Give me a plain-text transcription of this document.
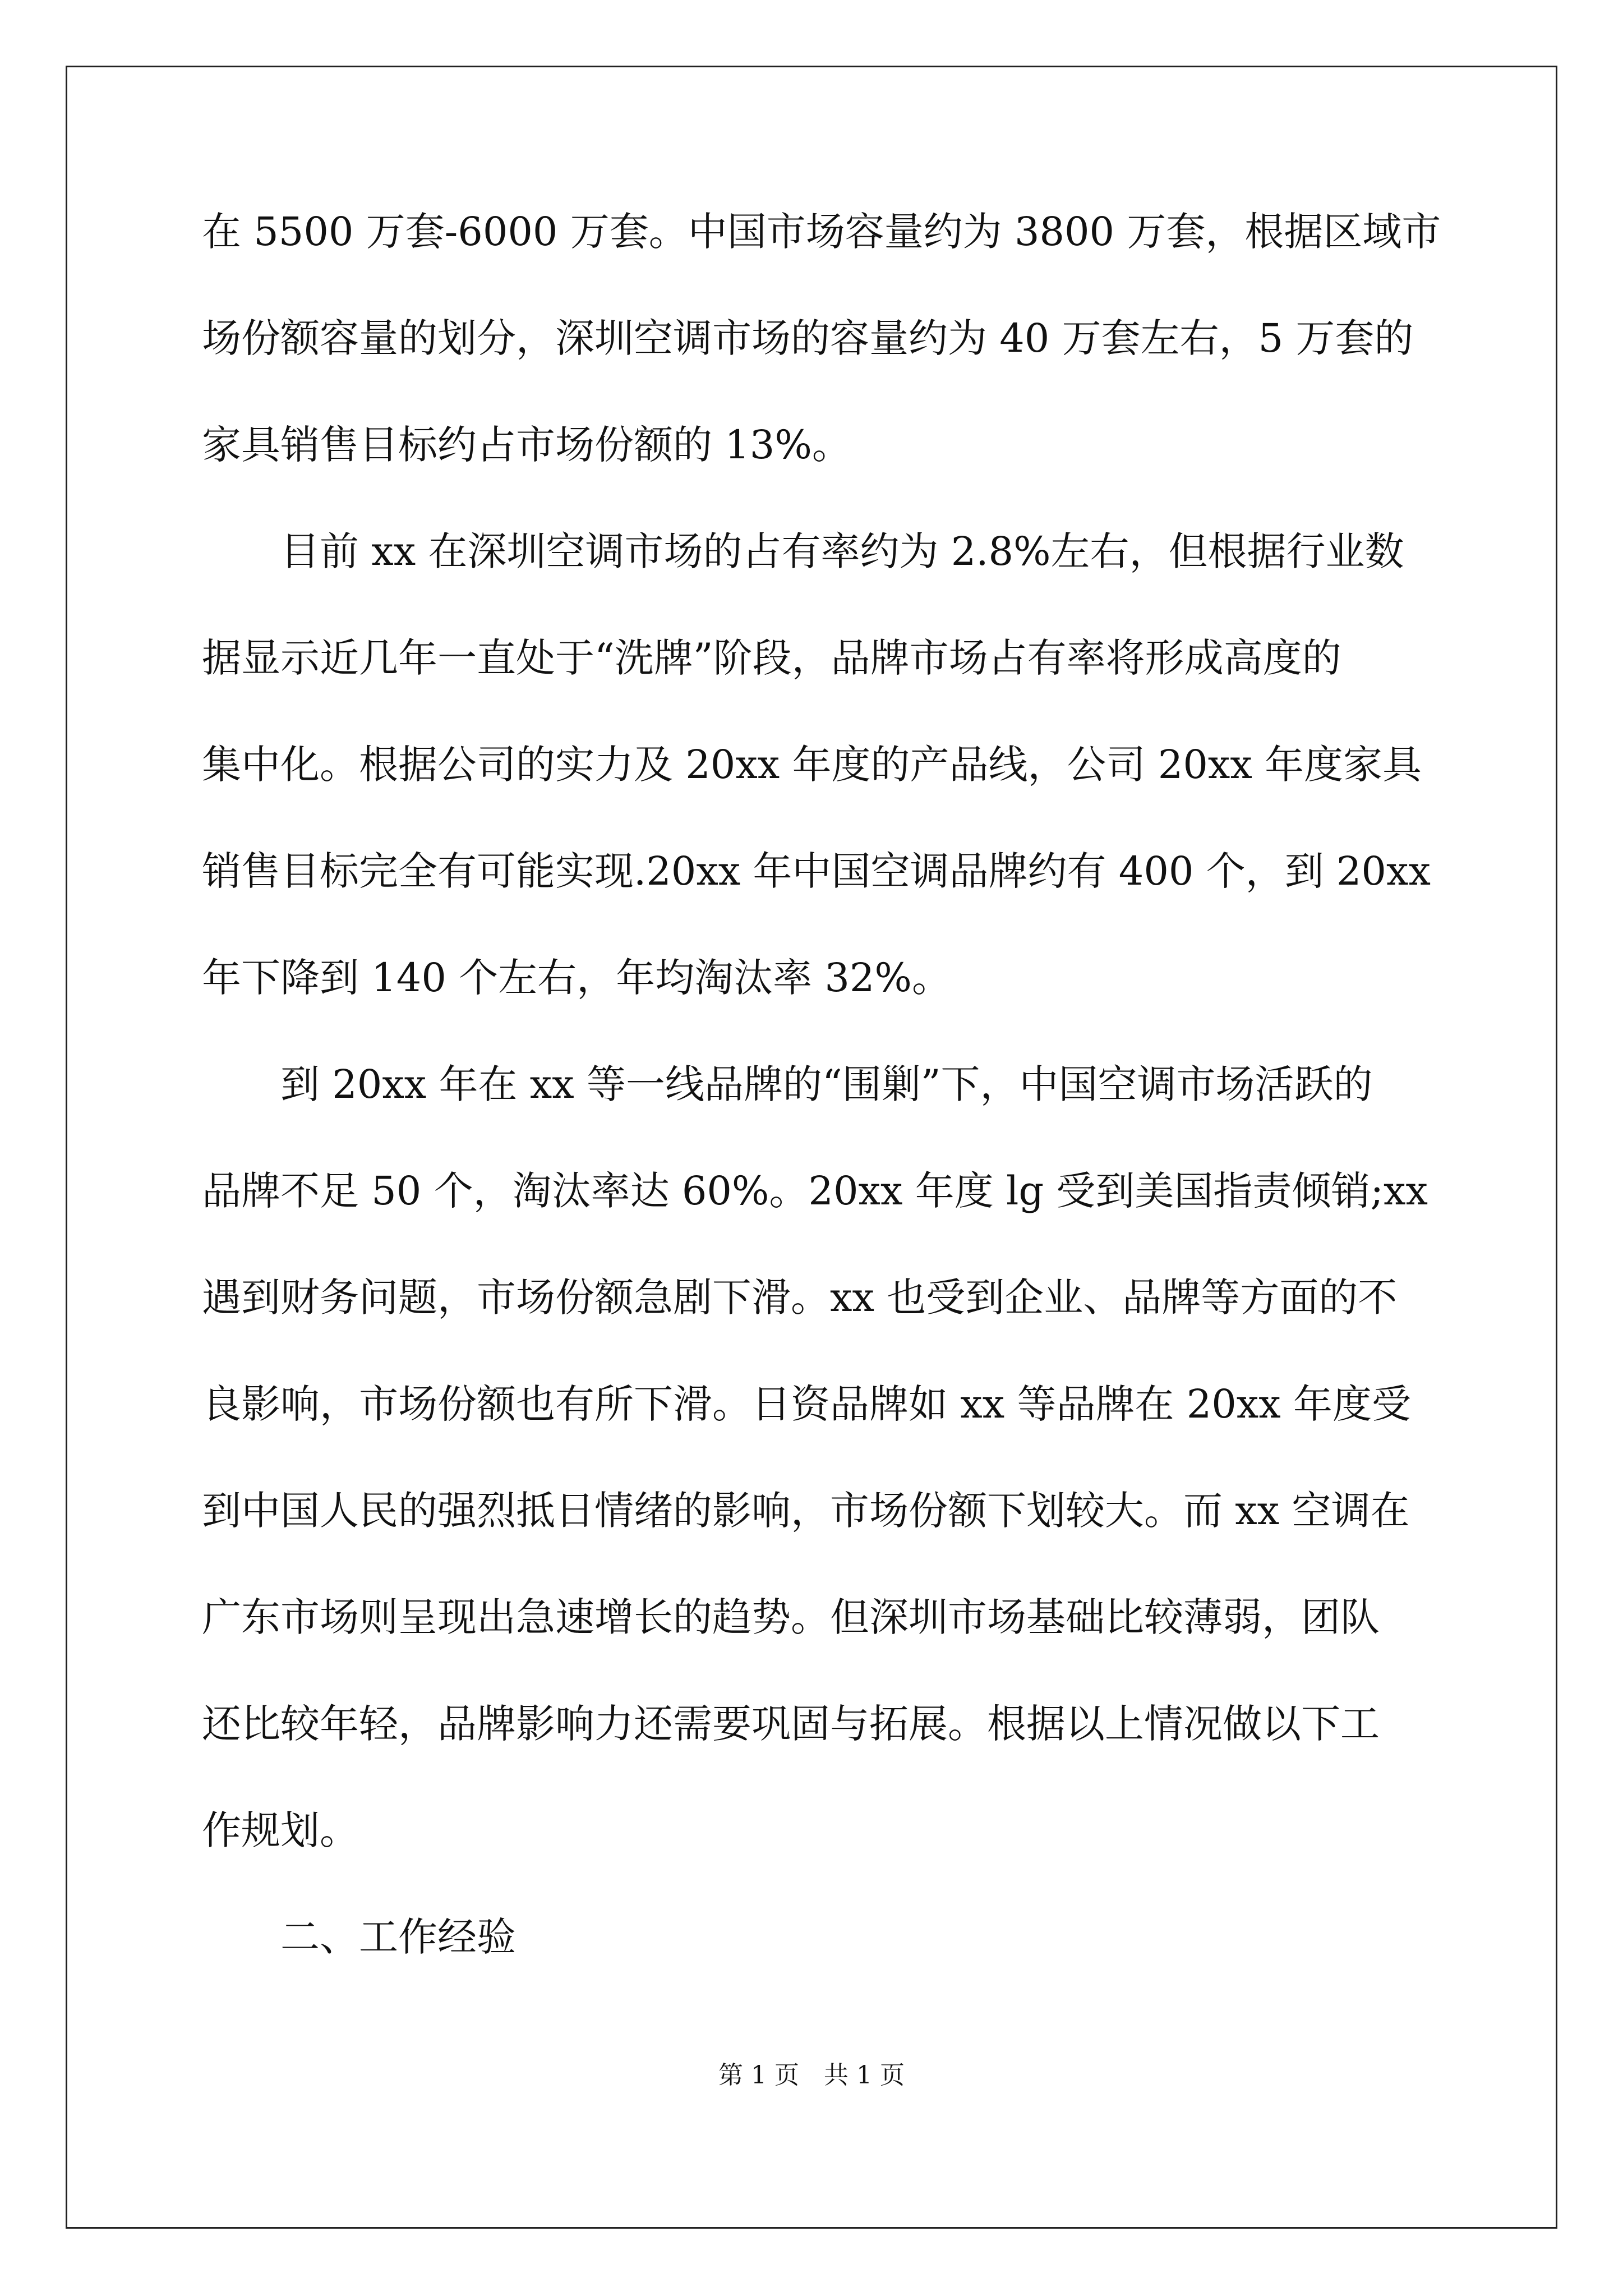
在 5500 万套-6000 万套。中国市场容量约为 3800 万套，根据区域市
场份额容量的划分，深圳空调市场的容量约为 40 万套左右，5 万套的
家具销售目标约占市场份额的 13%。
目前 xx 在深圳空调市场的占有率约为 2.8%左右，但根据行业数
据显示近几年一直处于“洗牌”阶段，品牌市场占有率将形成高度的
集中化。根据公司的实力及 20xx 年度的产品线，公司 20xx 年度家具
销售目标完全有可能实现.20xx 年中国空调品牌约有 400 个，到 20xx
年下降到 140 个左右，年均淘汰率 32%。
到 20xx 年在 xx 等一线品牌的“围剿”下，中国空调市场活跃的
品牌不足 50 个，淘汰率达 60%。20xx 年度 lg 受到美国指责倾销;xx
遇到财务问题，市场份额急剧下滑。xx 也受到企业、品牌等方面的不
良影响，市场份额也有所下滑。日资品牌如 xx 等品牌在 20xx 年度受
到中国人民的强烈抵日情绪的影响，市场份额下划较大。而 xx 空调在
广东市场则呈现出急速增长的趋势。但深圳市场基础比较薄弱，团队
还比较年轻，品牌影响力还需要巩固与拓展。根据以上情况做以下工
作规划。
二、工作经验
第 1 页 共 1 页
